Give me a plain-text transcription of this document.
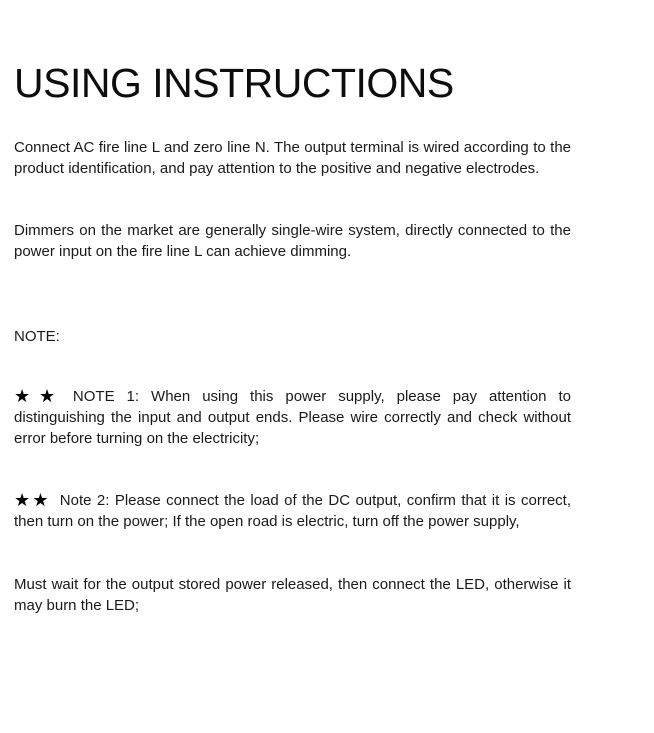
USING INSTRUCTIONS

Connect AC fire line L and zero line N. The output terminal is wired according to the product identification, and pay attention to the positive and negative electrodes.

Dimmers on the market are generally single-wire system, directly connected to the power input on the fire line L can achieve dimming.

NOTE:

★★ NOTE 1: When using this power supply, please pay attention to distinguishing the input and output ends. Please wire correctly and check without error before turning on the electricity;

★★ Note 2: Please connect the load of the DC output, confirm that it is correct, then turn on the power; If the open road is electric, turn off the power supply,

Must wait for the output stored power released, then connect the LED, otherwise it may burn the LED;
